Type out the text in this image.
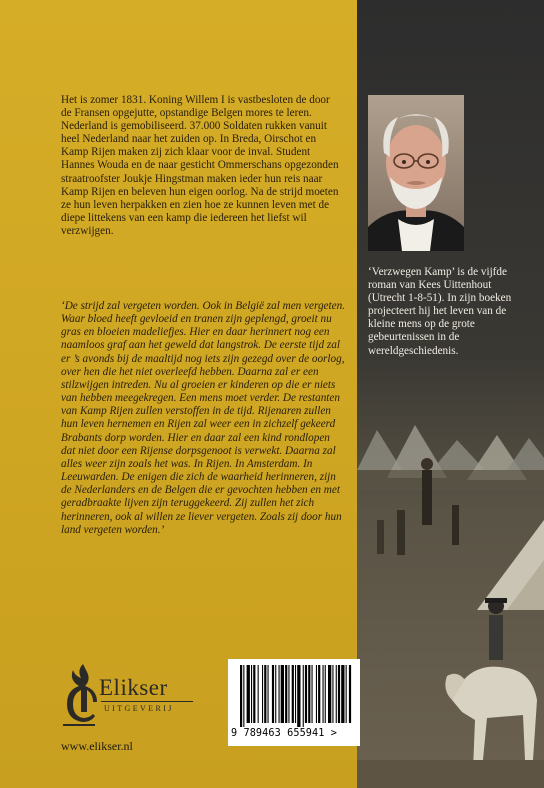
Het is zomer 1831. Koning Willem I is vastbesloten de door de Fransen opgejutte, opstandige Belgen mores te leren. Nederland is gemobiliseerd. 37.000 Soldaten rukken vanuit heel Nederland naar het zuiden op. In Breda, Oirschot en Kamp Rijen maken zij zich klaar voor de inval. Student Hannes Wouda en de naar gesticht Ommerschans opgezonden straatroofster Joukje Hingstman maken ieder hun reis naar Kamp Rijen en beleven hun eigen oorlog. Na de strijd moeten ze hun leven herpakken en zien hoe ze kunnen leven met de diepe littekens van een kamp die iedereen het liefst wil verzwijgen.

‘De strijd zal vergeten worden. Ook in België zal men vergeten. Waar bloed heeft gevloeid en tranen zijn geplengd, groeit nu gras en bloeien madeliefjes. Hier en daar herinnert nog een naamloos graf aan het geweld dat langstrok. De eerste tijd zal er ’s avonds bij de maaltijd nog iets zijn gezegd over de oorlog, over hen die het niet overleefd hebben. Daarna zal er een stilzwijgen intreden. Nu al groeien er kinderen op die er niets van hebben meegekregen. Een mens moet verder. De restanten van Kamp Rijen zullen verstoffen in de tijd. Rijenaren zullen hun leven hernemen en Rijen zal weer een in zichzelf gekeerd Brabants dorp worden. Hier en daar zal een kind rondlopen dat niet door een Rijense dorpsgenoot is verwekt. Daarna zal alles weer zijn zoals het was. In Rijen. In Amsterdam. In Leeuwarden. De enigen die zich de waarheid herinneren, zijn de Nederlanders en de Belgen die er gevochten hebben en met geradbraakte lijven zijn teruggekeerd. Zij zullen het zich herinneren, ook al willen ze liever vergeten. Zoals zij door hun land vergeten worden.’

‘Verzwegen Kamp’ is de vijfde roman van Kees Uittenhout (Utrecht 1-8-51). In zijn boeken projecteert hij het leven van de kleine mens op de grote gebeurtenissen in de wereldgeschiedenis.

Elikser
UITGEVERIJ
www.elikser.nl

9 789463 655941 >
